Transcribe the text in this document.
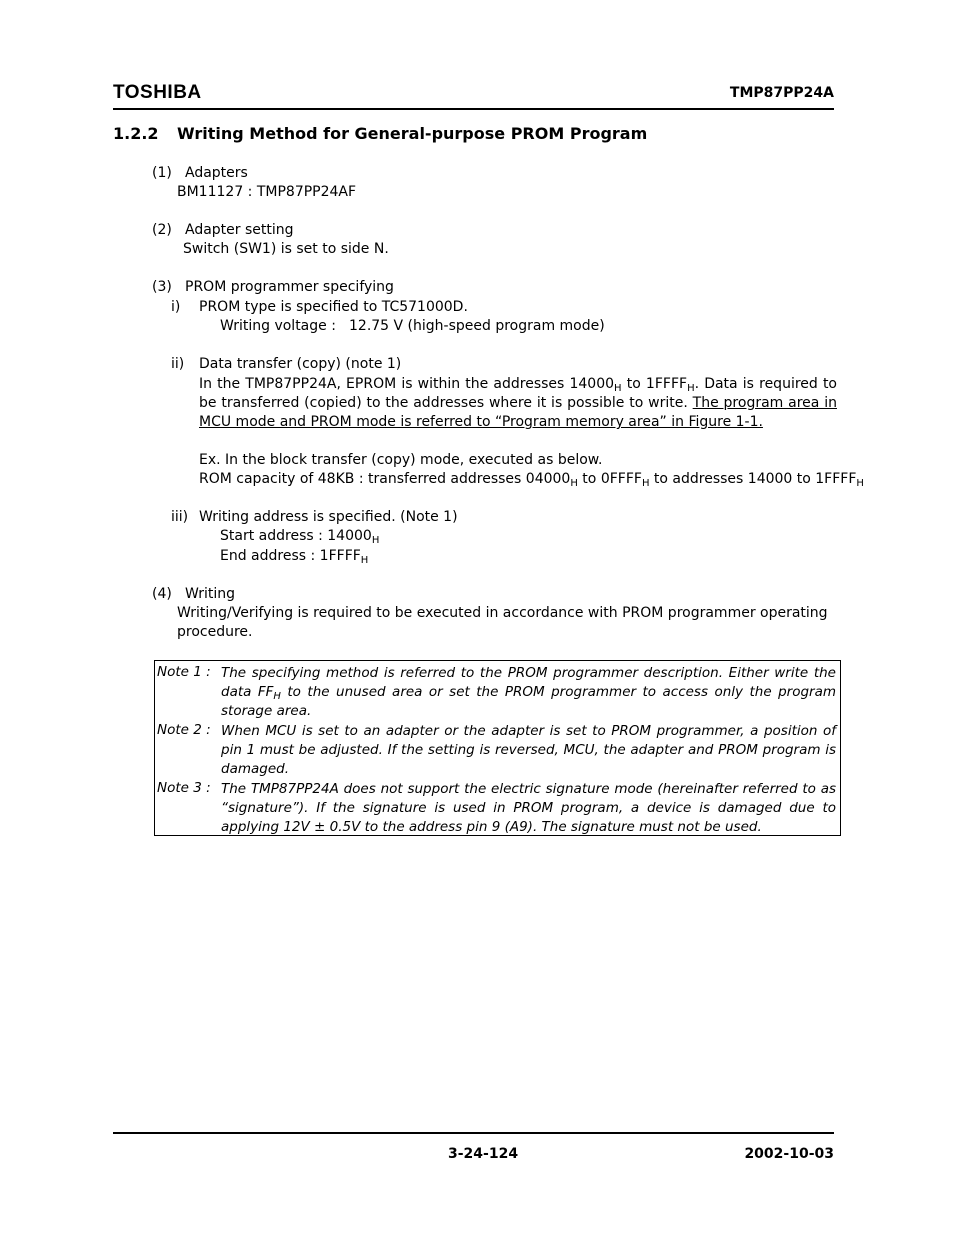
TOSHIBA	TMP87PP24A
1.2.2 Writing Method for General-purpose PROM Program
(1) Adapters
BM11127 : TMP87PP24AF
(2) Adapter setting
Switch (SW1) is set to side N.
(3) PROM programmer specifying
i) PROM type is specified to TC571000D.
Writing voltage : 12.75 V (high-speed program mode)
ii) Data transfer (copy) (note 1)
In the TMP87PP24A, EPROM is within the addresses $14000_H$ to $1FFFF_H$. Data is required to be transferred (copied) to the addresses where it is possible to write. The program area in MCU mode and PROM mode is referred to “Program memory area” in Figure 1-1.
Ex. In the block transfer (copy) mode, executed as below.
ROM capacity of 48KB : transferred addresses $04000_H$ to $0FFFF_H$ to addresses 14000 to $1FFFF_H$
iii) Writing address is specified. (Note 1)
Start address : $14000_H$
End address : $1FFFF_H$
(4) Writing
Writing/Verifying is required to be executed in accordance with PROM programmer operating
procedure.
Note 1 : The specifying method is referred to the PROM programmer description. Either write the data $FF_H$ to the unused area or set the PROM programmer to access only the program storage area.
Note 2 : When MCU is set to an adapter or the adapter is set to PROM programmer, a position of pin 1 must be adjusted. If the setting is reversed, MCU, the adapter and PROM program is damaged.
Note 3 : The TMP87PP24A does not support the electric signature mode (hereinafter referred to as “signature”). If the signature is used in PROM program, a device is damaged due to applying 12V ± 0.5V to the address pin 9 (A9). The signature must not be used.
3-24-124	2002-10-03
